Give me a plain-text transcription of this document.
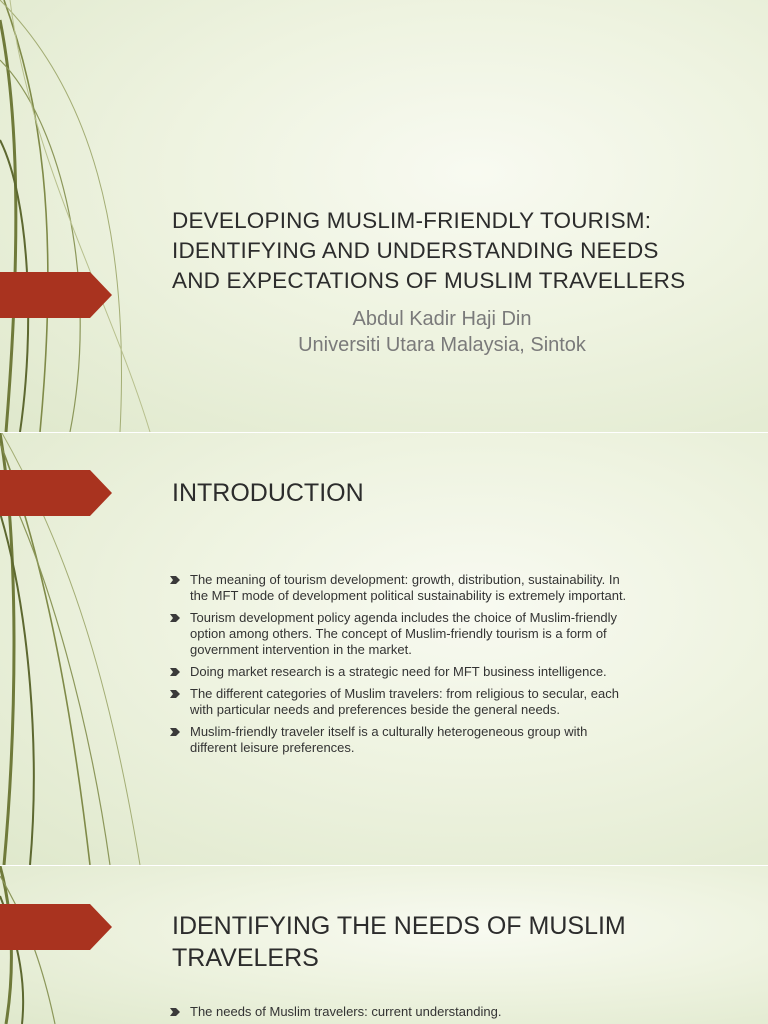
DEVELOPING MUSLIM-FRIENDLY TOURISM:
IDENTIFYING AND UNDERSTANDING NEEDS
AND EXPECTATIONS OF MUSLIM TRAVELLERS

Abdul Kadir Haji Din

Universiti Utara Malaysia, Sintok

INTRODUCTION
The meaning of tourism development: growth, distribution, sustainability. In
the MFT mode of development political sustainability is extremely important.
Tourism development policy agenda includes the choice of Muslim-friendly
option among others. The concept of Muslim-friendly tourism is a form of
government intervention in the market.
Doing market research is a strategic need for MFT business intelligence.
The different categories of Muslim travelers: from religious to secular, each
with particular needs and preferences beside the general needs.
Muslim-friendly traveler itself is a culturally heterogeneous group with
different leisure preferences.
IDENTIFYING THE NEEDS OF MUSLIM
TRAVELERS
The needs of Muslim travelers: current understanding.
